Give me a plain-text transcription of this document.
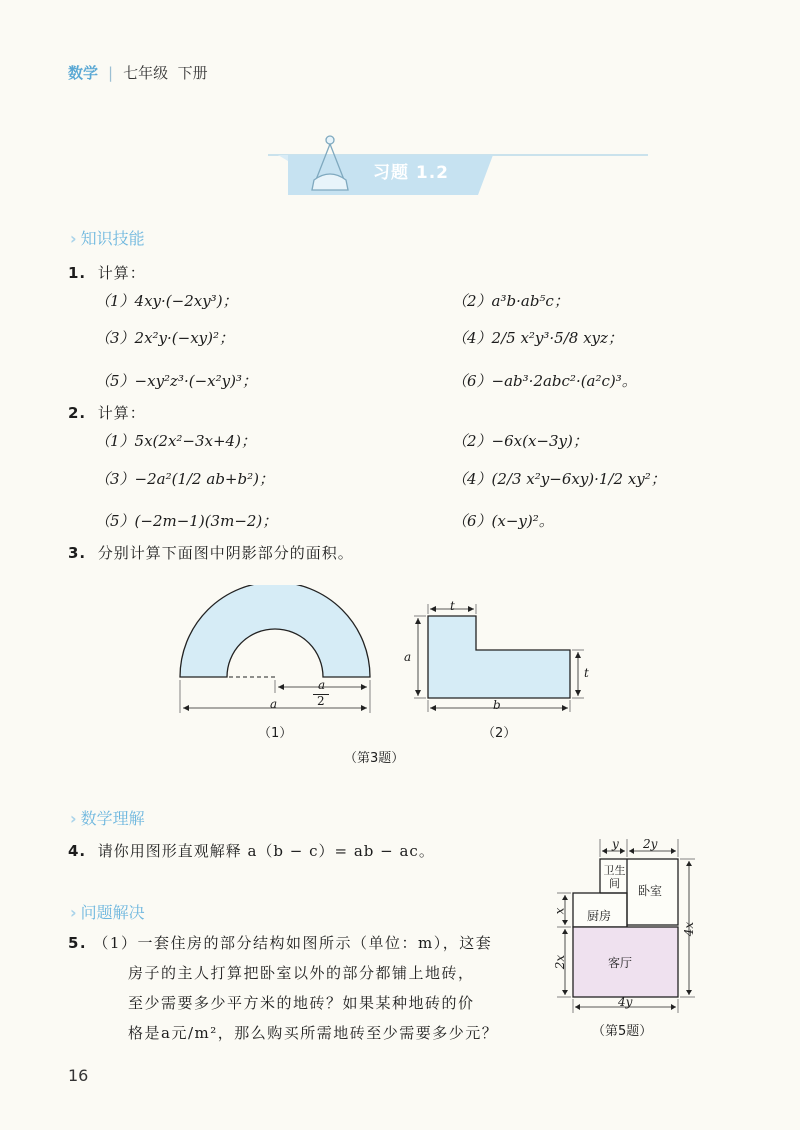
数学 | 七年级 下册
习题 1.2
› 知识技能
1. 计算：
（1）4xy·(−2xy³)；	（2）a³b·ab⁵c；
（3）2x²y·(−xy)²；	（4）2/5 x²y³·5/8 xyz；
（5）−xy²z³·(−x²y)³；	（6）−ab³·2abc²·(a²c)³。
2. 计算：
（1）5x(2x²−3x+4)；	（2）−6x(x−3y)；
（3）−2a²(1/2 ab+b²)；	（4）(2/3 x²y−6xy)·1/2 xy²；
（5）(−2m−1)(3m−2)；	（6）(x−y)²。
3. 分别计算下面图中阴影部分的面积。
a
2
a
（1）
t
a
t
b
（2）
（第3题）
› 数学理解
4. 请你用图形直观解释 a（b − c）= ab − ac。
› 问题解决
5. （1）一套住房的部分结构如图所示（单位：m），这套
房子的主人打算把卧室以外的部分都铺上地砖，
至少需要多少平方米的地砖？如果某种地砖的价
格是a元/m²，那么购买所需地砖至少需要多少元？
y 2y
卫生
间
卧室
厨房
客厅
4x
x
2x
4y
（第5题）
16
